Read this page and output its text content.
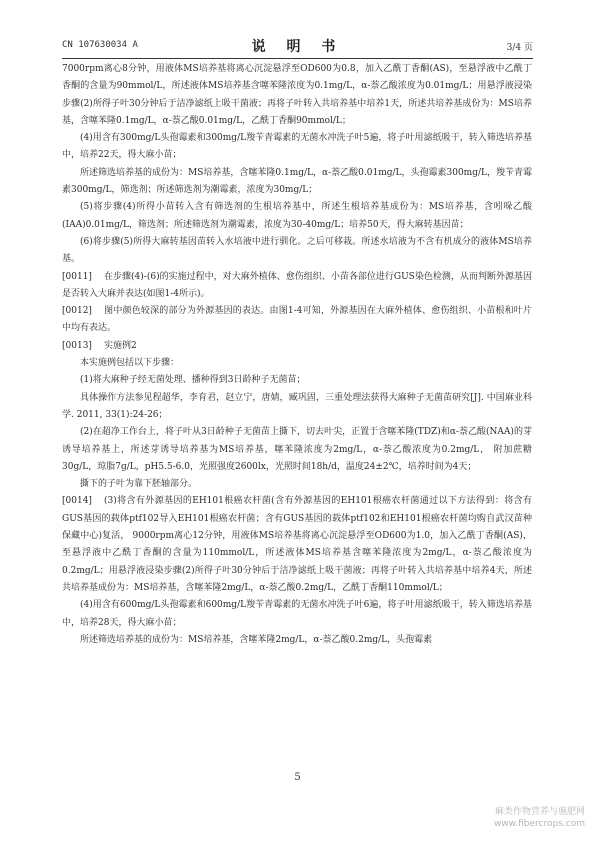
CN 107630034 A	说 明 书	3/4 页

7000rpm离心8分钟，用液体MS培养基将离心沉淀悬浮至OD600为0.8，加入乙酰丁香酮(AS)，至悬浮液中乙酰丁香酮的含量为90mmol/L，所述液体MS培养基含噻苯隆浓度为0.1mg/L，α-萘乙酸浓度为0.01mg/L；用悬浮液浸染步骤(2)所得子叶30分钟后于洁净滤纸上吸干菌液；再将子叶转入共培养基中培养1天，所述共培养基成份为：MS培养基，含噻苯隆0.1mg/L，α-萘乙酸0.01mg/L，乙酰丁香酮90mmol/L；

(4)用含有300mg/L头孢霉素和300mg/L羧苄青霉素的无菌水冲洗子叶5遍，将子叶用滤纸吸干，转入筛选培养基中，培养22天，得大麻小苗；

所述筛选培养基的成份为：MS培养基，含噻苯隆0.1mg/L，α-萘乙酸0.01mg/L，头孢霉素300mg/L，羧苄青霉素300mg/L，筛选剂；所述筛选剂为潮霉素，浓度为30mg/L；

(5)将步骤(4)所得小苗转入含有筛选剂的生根培养基中，所述生根培养基成份为：MS培养基，含吲哚乙酸(IAA)0.01mg/L，筛选剂；所述筛选剂为潮霉素，浓度为30-40mg/L；培养50天，得大麻转基因苗；

(6)将步骤(5)所得大麻转基因苗转入水培液中进行驯化。之后可移栽。所述水培液为不含有机成分的液体MS培养基。

[0011] 在步骤(4)-(6)的实施过程中，对大麻外植体、愈伤组织、小苗各部位进行GUS染色检测，从而判断外源基因是否转入大麻并表达(如图1-4所示)。

[0012] 图中颜色较深的部分为外源基因的表达。由图1-4可知，外源基因在大麻外植体、愈伤组织、小苗根和叶片中均有表达。

[0013] 实施例2

本实施例包括以下步骤：

(1)将大麻种子经无菌处理、播种得到3日龄种子无菌苗；

具体操作方法参见程超华，李育君，赵立宁，唐婧，臧巩固，三重处理法获得大麻种子无菌苗研究[J]. 中国麻业科学. 2011, 33(1):24-26；

(2)在超净工作台上，将子叶从3日龄种子无菌苗上撕下，切去叶尖，正置于含噻苯隆(TDZ)和α-萘乙酸(NAA)的芽诱导培养基上，所述芽诱导培养基为MS培养基，噻苯隆浓度为2mg/L，α-萘乙酸浓度为0.2mg/L， 附加蔗糖30g/L，琼脂7g/L，pH5.5-6.0，光照强度2600lx，光照时间18h/d，温度24±2℃，培养时间为4天；

撕下的子叶为靠下胚轴部分。

[0014] (3)将含有外源基因的EH101根癌农杆菌(含有外源基因的EH101根癌农杆菌通过以下方法得到：将含有GUS基因的载体ptf102导入EH101根癌农杆菌；含有GUS基因的载体ptf102和EH101根癌农杆菌均购自武汉苗种保藏中心)复活， 9000rpm离心12分钟，用液体MS培养基将离心沉淀悬浮至OD600为1.0，加入乙酰丁香酮(AS)，至悬浮液中乙酰丁香酮的含量为110mmol/L，所述液体MS培养基含噻苯隆浓度为2mg/L，α-萘乙酸浓度为0.2mg/L；用悬浮液浸染步骤(2)所得子叶30分钟后于洁净滤纸上吸干菌液；再将子叶转入共培养基中培养4天，所述共培养基成份为：MS培养基，含噻苯隆2mg/L，α-萘乙酸0.2mg/L，乙酰丁香酮110mmol/L；

(4)用含有600mg/L头孢霉素和600mg/L羧苄青霉素的无菌水冲洗子叶6遍，将子叶用滤纸吸干，转入筛选培养基中，培养28天，得大麻小苗；

所述筛选培养基的成份为：MS培养基，含噻苯隆2mg/L，α-萘乙酸0.2mg/L，头孢霉素

5
麻类作物营养与施肥网
www.fibercrops.com
